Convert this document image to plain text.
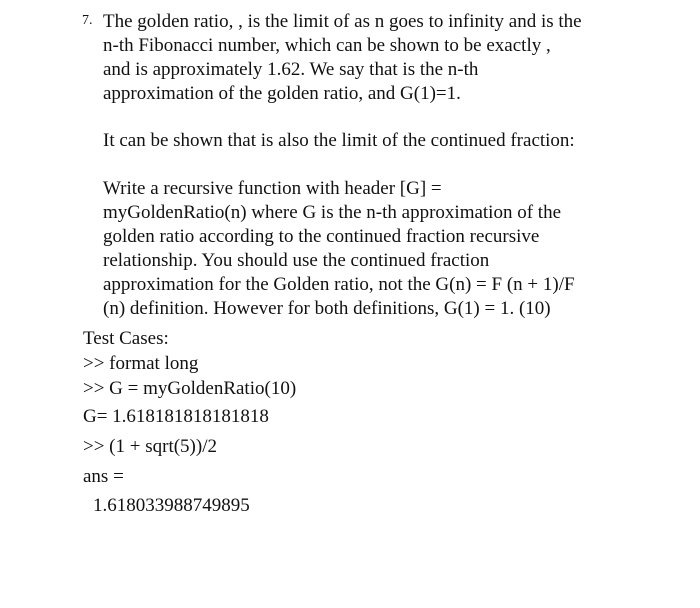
7. The golden ratio, , is the limit of as n goes to infinity and is the
n-th Fibonacci number, which can be shown to be exactly ,
and is approximately 1.62. We say that is the n-th
approximation of the golden ratio, and G(1)=1.

It can be shown that is also the limit of the continued fraction:

Write a recursive function with header [G] =
myGoldenRatio(n) where G is the n-th approximation of the
golden ratio according to the continued fraction recursive
relationship. You should use the continued fraction
approximation for the Golden ratio, not the G(n) = F (n + 1)/F
(n) definition. However for both definitions, G(1) = 1. (10)

Test Cases:

>> format long

>> G = myGoldenRatio(10)

G= 1.618181818181818

>> (1 + sqrt(5))/2

ans =

1.618033988749895
